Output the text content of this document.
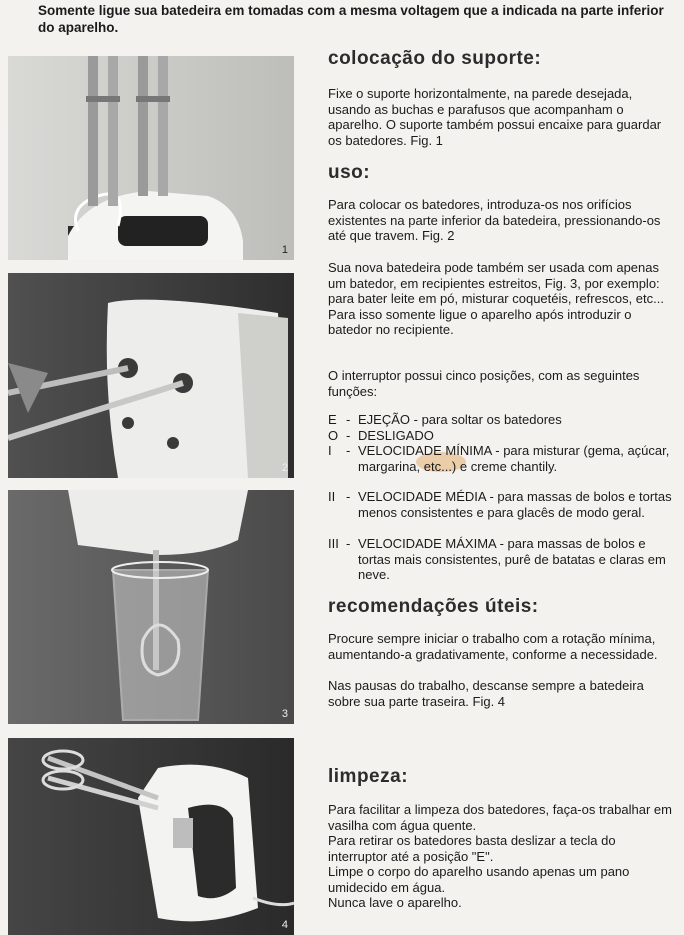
Somente ligue sua batedeira em tomadas com a mesma voltagem que a indicada na parte inferior do aparelho.
1
2
3
4
colocação do suporte:

Fixe o suporte horizontalmente, na parede desejada, usando as buchas e parafusos que acompanham o aparelho. O suporte também possui encaixe para guardar os batedores. Fig. 1

uso:

Para colocar os batedores, introduza-os nos orifícios existentes na parte inferior da batedeira, pressionando-os até que travem. Fig. 2

Sua nova batedeira pode também ser usada com apenas um batedor, em recipientes estreitos, Fig. 3, por exemplo: para bater leite em pó, misturar coquetéis, refrescos, etc... Para isso somente ligue o aparelho após introduzir o batedor no recipiente.

O interruptor possui cinco posições, com as seguintes funções:

E - EJEÇÃO - para soltar os batedores
O - DESLIGADO
I	- VELOCIDADE MÍNIMA - para misturar (gema, açúcar, margarina, etc...) e creme chantily.
II - VELOCIDADE MÉDIA - para massas de bolos e tortas menos consistentes e para glacês de modo geral.
III - VELOCIDADE MÁXIMA - para massas de bolos e tortas mais consistentes, purê de batatas e claras em neve.
recomendações úteis:

Procure sempre iniciar o trabalho com a rotação mínima, aumentando-a gradativamente, conforme a necessidade.

Nas pausas do trabalho, descanse sempre a batedeira sobre sua parte traseira. Fig. 4

limpeza:

Para facilitar a limpeza dos batedores, faça-os trabalhar em vasilha com água quente.

Para retirar os batedores basta deslizar a tecla do interruptor até a posição "E".

Limpe o corpo do aparelho usando apenas um pano umidecido em água.

Nunca lave o aparelho.
